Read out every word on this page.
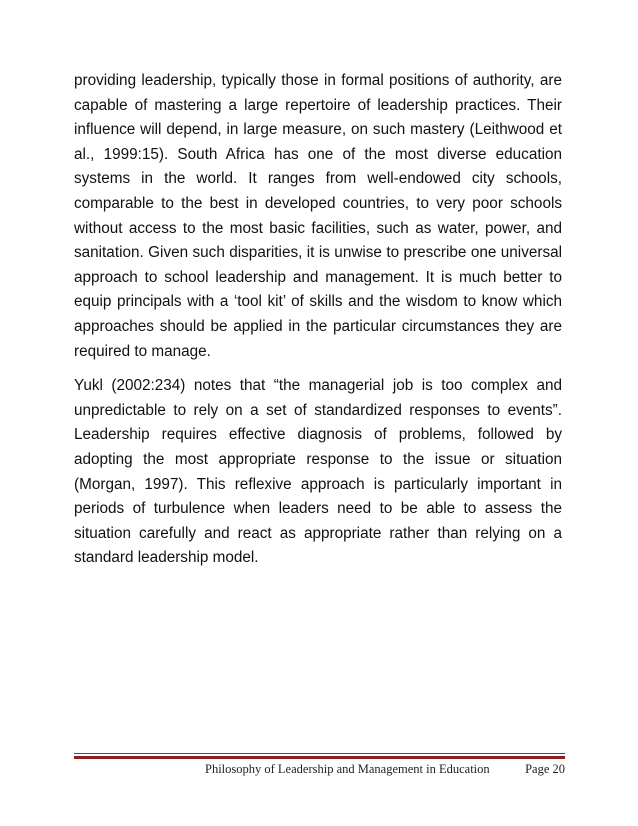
providing leadership, typically those in formal positions of authority, are capable of mastering a large repertoire of leadership practices. Their influence will depend, in large measure, on such mastery (Leithwood et al., 1999:15). South Africa has one of the most diverse education systems in the world. It ranges from well-endowed city schools, comparable to the best in developed countries, to very poor schools without access to the most basic facilities, such as water, power, and sanitation. Given such disparities, it is unwise to prescribe one universal approach to school leadership and management. It is much better to equip principals with a ‘tool kit’ of skills and the wisdom to know which approaches should be applied in the particular circumstances they are required to manage.

Yukl (2002:234) notes that “the managerial job is too complex and unpredictable to rely on a set of standardized responses to events”. Leadership requires effective diagnosis of problems, followed by adopting the most appropriate response to the issue or situation (Morgan, 1997). This reflexive approach is particularly important in periods of turbulence when leaders need to be able to assess the situation carefully and react as appropriate rather than relying on a standard leadership model.

Philosophy of Leadership and Management in Education	Page 20
